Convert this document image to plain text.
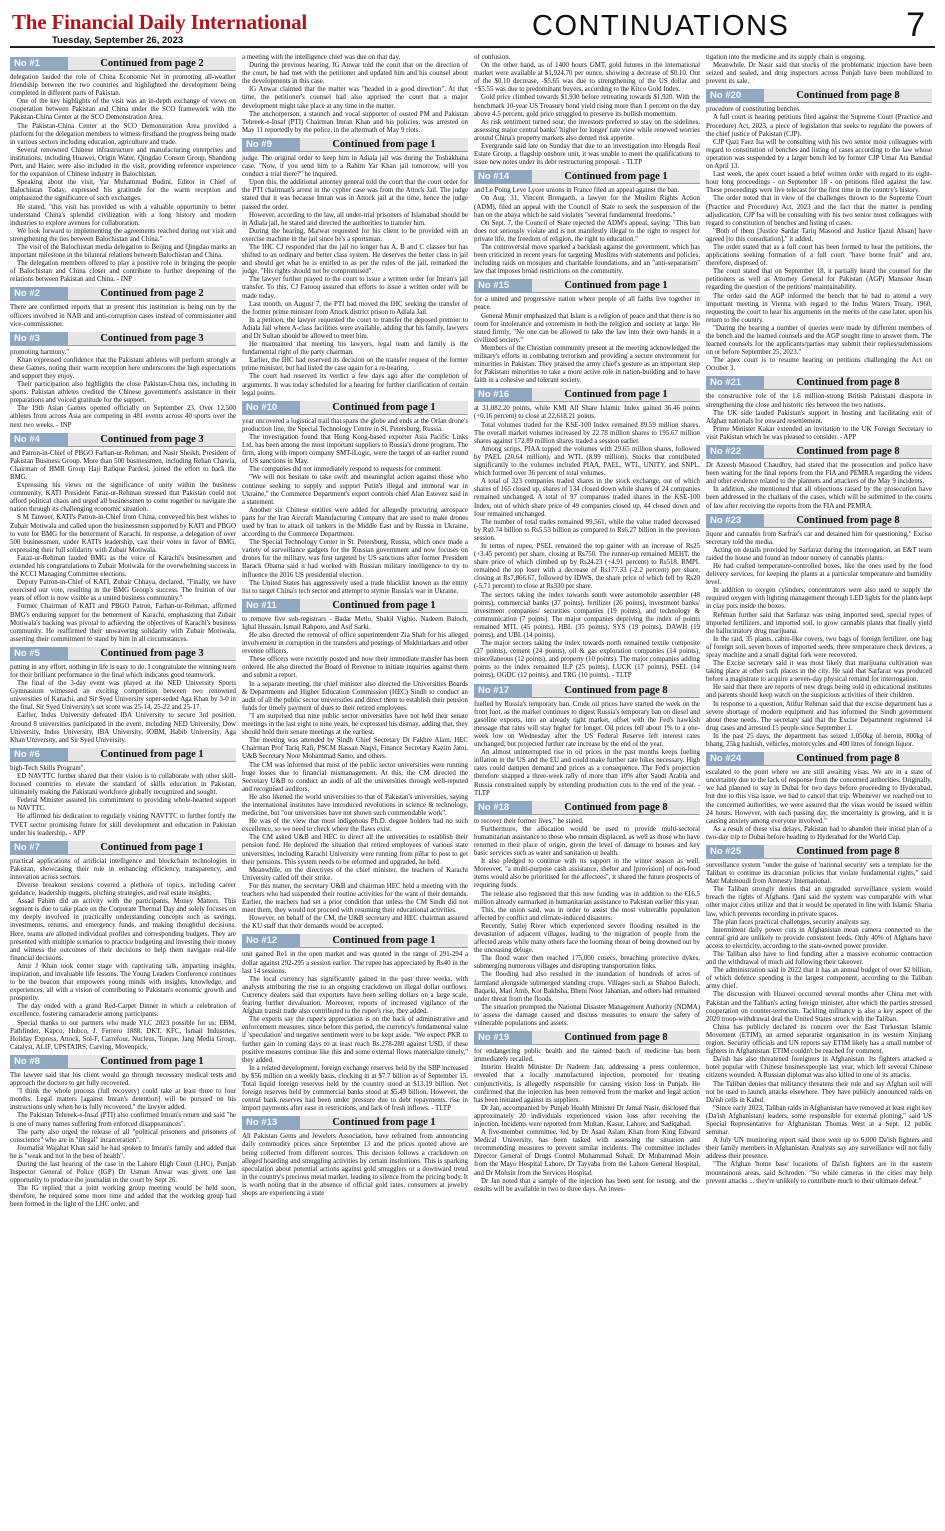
The Financial Daily International
Tuesday, September 26, 2023	CONTINUATIONS	7
No #1	Continued from page 2

delegation lauded the role of China Economic Net in promoting all-weather friendship between the two countries and highlighted the development being completed in different parts of Pakistan.

One of the key highlights of the visit was an in-depth exchange of views on cooperation between Pakistan and China under the SCO framework with the Pakistan-China Center at the SCO Demonstration Area.

The Pakistan-China Center at the SCO Demonstration Area provided a platform for the delegation members to witness firsthand the progress being made in various sectors including education, agriculture and trade.

Several renowned Chinese infrastructure and manufacturing enterprises and institutions, including Huawei, Origin Water, Qingdao Conson Group, Shandong Port, and Haier, were also included in the visit, providing reference experience for the expansion of Chinese industry in Balochistan.

Speaking about the visit, Yar Muhammad Budini, Editor in Chief of Balochistan Today, expressed his gratitude for the warm reception and emphasized the significance of such exchanges.

He stated, "this visit has provided us with a valuable opportunity to better understand China's splendid civilization with a long history and modern industries to explore avenues for collaboration.

We look forward to implementing the agreements reached during our visit and strengthening the ties between Balochistan and China."

The visit of the Balochistan media delegation to Beijing and Qingdao marks an important milestone in the bilateral relations between Balochistan and China.

The delegation members offered to play a positive role in bringing the people of Balochistan and China closer and contribute to further deepening of the relations between Pakistan and China. - INP

No #2	Continued from page 2

There are confirmed reports that at present this institution is being run by the officers involved in NAB and anti-corruption cases instead of commissioner and vice-commissioner.

No #3	Continued from page 3

promoting harmony."

Khan expressed confidence that the Pakistani athletes will perform strongly at these Games, noting their warm reception here underscores the high expectations and support they enjoy.

Their participation also highlights the close Pakistan-China ties, including in sports. Pakistan athletes credited the Chinese government's assistance in their preparations and voiced gratitude for the support.

The 19th Asian Games opened officially on September 23. Over 12,500 athletes from across Asia are competing in 481 events across 40 sports over the next two weeks. - INP

No #4	Continued from page 3

and Patron-in-Chief of PBGO Farhan-ur-Rehman, and Nasir Sheikh, President of Pakistan Business Group. More than 500 businessmen, including Rehan Chawla, Chairman of HMR Group Haji Rafique Pardesi, joined the effort to back the BMG.

Expressing his views on the significance of unity within the business community, KATI President Faraz-ur-Rehman stressed that Pakistan could not afford political chaos and urged all businessmen to come together to navigate the nation through its challenging economic situation.

S M Tanveer, KATI's Patron-in-Chief from China, conveyed his best wishes to Zubair Motiwala and called upon the businessmen supported by KATI and PBGO to vote for BMG for the betterment of Karachi. In response, a delegation of over 500 businessmen, under KATI's leadership, cast their votes in favor of BMG, expressing their full solidarity with Zubair Motiwala.

Faraz-ur-Rehman lauded BMG as the voice of Karachi's businessmen and extended his congratulations to Zubair Motiwala for the overwhelming success in the KCCI Managing Committee elections.

Deputy Patron-in-Chief of KATI, Zubair Chhaya, declared, "Finally, we have exercised our vote, resulting in the BMG Group's success. The fruition of our years of effort is now visible as a united business community."

Former Chairman of KATI and PBGO Patron, Farhan-ur-Rehman, affirmed BMG's enduring support for the betterment of Karachi, emphasizing that Zubair Motiwala's backing was pivotal to achieving the objectives of Karachi's business community. He reaffirmed their unwavering solidarity with Zubair Motiwala, asserting their commitment to stand by him in all circumstances.

No #5	Continued from page 3

putting in any effort, nothing in life is easy to do. I congratulate the winning team for their brilliant performance in the final which indicates good teamwork.

The final of the 3-day event was played at the NED University Sports Gymnasium witnessed an exciting competition between two renowned universities of Karachi, and Sir Syed University super-seded Aga Khan by 3-0 in the final. Sir Syed University's set score was 25-14, 25-22 and 25-17.

Earlier, Indus University defeated IBA University to secure 3rd position. Around 8 universities participated in the event, including NED University, Dow University, Indus University, IBA University, IOBM, Habib University, Aga Khan University, and Sir Syed University.

No #6	Continued from page 1

high-Tech Skills Program".

ED NAVTTC further shared that their vision is to collaborate with other skill-focused countries to elevate the standard of skills education in Pakistan, ultimately making the Pakistani workforce globally recognized and sought.

Federal Minister assured his commitment to providing whole-hearted support to NAVTTC.

He affirmed his dedication to regularly visiting NAVTTC to further fortify the TVET sector promising future for skill development and education in Pakistan under his leadership. - APP

No #7	Continued from page 1

practical applications of artificial intelligence and blockchain technologies in Pakistan, showcasing their role in enhancing efficiency, transparency, and innovation across sectors.

Diverse breakout sessions covered a plethora of topics, including career guidance, leadership nuggets, pitching strategies, and real estate insights.

Assad Fahim did an activity with the participants, Money Matters. This segment is due to take place on the Corporate Thermal Day and solely focuses on my deeply involved in practically understanding concepts such as savings, investments, returns, and emergency funds, and making thoughtful decisions. Here, teams are allotted individual profiles and corresponding budgets. They are presented with multiple scenarios to practice budgeting and investing their money and witness the outcomes of their decisions to help them navigate real-life financial decisions.

Amir J Khan took center stage with captivating talk, imparting insights, inspiration, and invaluable life lessons. The Young Leaders Conference continues to be the beacon that empowers young minds with insights, knowledge, and experiences, all with a vision of contributing to Pakistan's economic growth and prosperity.

The day ended with a grand Red-Carpet Dinner in which a celebration of excellence, fostering camaraderie among participants.

Special thanks to our partners who made YLC 2023 possible for us: EBM, Pathfinder, Kapco, Hubco, J. Ferrero 1888, DKT, KFC, Ismail Industries, Holiday Express, Attock, Sol-F, Carrefour, Nucleus, Torque, Jang Media Group, Catalyst, ALIF, UPSTAIRS, Carving, Movenpick.

No #8	Continued from page 1

The lawyer said that his client would go through necessary medical tests and approach the doctors to get fully recovered.

"I think the whole process (full recovery) could take at least three to four months. Legal matters [against Imran's detention] will be pursued on his instructions only when he is fully recovered," the lawyer added.

The Pakistan Tehreek-e-Insaf (PTI) also confirmed Imran's return and said "he is one of many names suffering from enforced disappearances".

The party also urged the release of all "political prisoners and prisoners of conscience" who are in "illegal" incarceration".

Journalist Wajahat Khan said he had spoken to Imran's family and added that he is "weak and not in the best of health".

During the last hearing of the case in the Lahore High Court (LHC), Punjab Inspector General of Police (IGP) Dr Usman Anwar was given one last opportunity to produce the journalist in the court by Sept 26.

The IG replied that a joint working group meeting would be held soon, therefore, he required some more time and added that the working group had been formed in the light of the LHC order, and

a meeting with the intelligence chief was due on that day.

During the previous hearing, IG Anwar told the court that on the direction of the court, he had met with the petitioner and updated him and his counsel about the developments in this case.

IG Anwar claimed that the matter was "headed in a good direction". At that time, the petitioner's counsel had also apprised the court that a major development might take place at any time in the matter.

The anchorperson, a staunch and vocal supporter of ousted PM and Pakistan Tehreek-e-Insaf (PTI) Chairman Imran Khan and his policies, was arrested on May 11 reportedly by the police, in the aftermath of May 9 riots.

No #9	Continued from page 1

judge. The original order to keep him in Adiala jail was during the Toshakhana case. "Now, if you send him to a Rahim Yar Khan jail tomorrow, will you conduct a trial there?" he inquired.

Upon this, the additional attorney general told the court that the court order for the PTI chairman's arrest in the cypher case was from the Attock Jail. The judge stated that it was because Imran was in Attock jail at the time, hence the judge passed the order.

However, according to the law, all under-trial prisoners of Islamabad should be in Adiala jail, he stated and directed the authorities to transfer him.

During the hearing, Marwat requested for his client to be provided with an exercise machine in the jail since he's a sportsman.

The IHC CJ responded that the jail no longer has A, B and C classes but has shifted to an ordinary and better class system. He deserves the better class in jail and should get what he is entitled to as per the rules of the jail, remarked the judge. "His rights should not be compromised".

The lawyer further prayed to the court to issue a written order for Imran's jail transfer. To this, CJ Farooq assured that efforts to issue a written order will be made today.

Last month, on August 7, the PTI had moved the IHC seeking the transfer of the former prime minister from Attock district prison to Adiala Jail.

In a petition, the lawyer requested the court to transfer the deposed premier to Adiala Jail where A-class facilities were available, adding that his family, lawyers and Dr Sultan should be allowed to meet him.

He maintained that meeting his lawyers, legal team and family is the fundamental right of the party chairman.

Earlier, the IHC had reserved its decision on the transfer request of the former prime minister, but had listed the case again for a re-hearing.

The court had reserved its verdict a few days ago after the completion of arguments. It was today scheduled for a hearing for further clarification of certain legal points.

No #10	Continued from page 1

year uncovered a logistical trail that spans the globe and ends at the Orlan drone's production line, the Special Technology Centre in St. Petersburg, Russia.

The investigation found that Hong Kong-based exporter Asia Pacific Links Ltd. has been among the most important suppliers to Russia's drone program. The firm, along with import company SMT-iLogic, were the target of an earlier round of US sanctions in May.

The companies did not immediately respond to requests for comment.

"We will not hesitate to take swift and meaningful action against those who continue seeking to supply and support Putin's illegal and immoral war in Ukraine," the Commerce Department's export controls chief Alan Estevez said in a statement.

Another six Chinese entities were added for allegedly procuring aerospace parts for the Iran Aircraft Manufacturing Company that are used to make drones used by Iran to attack oil tankers in the Middle East and by Russia in Ukraine, according to the Commerce Department.

The Special Technology Center in St. Petersburg, Russia, which once made a variety of surveillance gadgets for the Russian government and now focuses on drones for the military, was first targeted by US sanctions after former President Barack Obama said it had worked with Russian military intelligence to try to influence the 2016 US presidential election.

The United States has aggressively used a trade blacklist known as the entity list to target China's tech sector and attempt to stymie Russia's war in Ukraine.

No #11	Continued from page 1

to remove five sub-registrars - Badar Metlo, Shakil Vighio, Nadeem Baloch, Iqbal Hussain, Ismail Rahpoto, and Asif Sarki.

He also directed the removal of office superintendent Zia Shah for his alleged involvement in corruption in the transfers and postings of Mukhtiarkars and other revenue officers.

These officers were recently posted and now their immediate transfer has been ordered. He also directed the Board of Revenue to initiate inquiries against them and submit a report.

In a separate meeting, the chief minister also directed the Universities Boards & Departments and Higher Education Commission (HEC) Sindh to conduct an audit of all the public sector universities and direct them to establish their pension funds for timely payment of dues to their retired employees.

"I am surprised that nine public sector universities have not held their senate meetings in the last eight to nine years, he expressed his dismay, adding that, they should hold their senate meetings at the earliest.

The meeting was attended by Sindh Chief Secretary Dr Fakhre Alam, HEC Chairman Prof Tariq Rafi, PSCM Hassan Naqvi, Finance Secretary Kazim Jatoi, U&B Secretary Noor Mohammad Samo, and others.

The CM was informed that most of the public sector universities were running huge losses due to financial mismanagement. At this, the CM directed the Secretary U&B to conduct an audit of all the universities through well-reputed and recognised auditors.

He also likened the world universities to that of Pakistan's universities, saying the international institutes have introduced revolutions in science & technology, medicine, but "our universities have not shown such commendable work".

He was of the view that most indigenous Ph.D. degree holders had no such excellence, so we need to check where the flaws exist.

The CM asked U&B and HEC to direct all the universities to establish their pension fund. He deplored the situation that retired employees of various state universities, including Karachi University were running from pillar to post to get their pensions. This system needs to be reformed and upgraded, he held.

Meanwhile, on the directives of the chief minister, the teachers of Karachi University called off their strike.

For this matter, the secretary U&B and chairman HEC held a meeting with the teachers who had suspended their routine activities for the want of their demands. Earlier, the teachers had set a prior condition that unless the CM Sindh did not meet them, they would not proceed with resuming their educational activities.

However, on behalf of the CM, the U&B secretary and HEC chairman assured the KU staff that their demands would be accepted.

No #12	Continued from page 1

unit gained Re1 in the open market and was quoted in the range of 291-294 a dollar against 292-295 a session earlier. The rupee has appreciated by Rs40 in the last 14 sessions.

The local currency has significantly gained in the past three weeks, with analysts attributing the rise to an ongoing crackdown on illegal dollar outflows. Currency dealers said that exporters have been selling dollars on a large scale, fearing further devaluation. Moreover, reports of increased vigilance of the Afghan transit trade also contributed to the rupee's rise, they added.

The experts say the rupee's appreciation is on the back of administrative and enforcement measures, since before this period, the currency's fundamental value if 'speculation' and negative sentiment were to be kept aside. "We expect PKR to further gain in coming days to at least reach Rs.278-280 against USD, if these positive measures continue like this and some external flows materialize timely," they added.

In a related development, foreign exchange reserves held by the SBP increased by $56 million on a weekly basis, clocking in at $7.7 billion as of September 15. Total liquid foreign reserves held by the country stood at $13.19 billion. Net foreign reserves held by commercial banks stood at $5.49 billion. However, the central bank reserves had been under pressure due to debt repayments, rise in import payments after ease in restrictions, and lack of fresh inflows. - TLTP

No #13	Continued from page 1

All Pakistan Gems and Jewelers Association, have refrained from announcing daily commodity prices since September 13 and the prices quoted above are being collected from different sources. This decision follows a crackdown on alleged hoarding and smuggling activities by certain institutions. This is sparking speculation about potential actions against gold smugglers or a downward trend in the country's precious metal market, leading to silence from the pricing body. It is worth noting that in the absence of official gold rates, consumers at jewelry shops are experiencing a state

of confusion.

On the other hand, as of 1400 hours GMT, gold futures in the international market were available at $1,924.70 per ounce, showing a decrease of $0.10. Out of the $0.10 decrease, -$5.65 was due to strengthening of the US dollar and +$5.55 was due to predominant buyers, according to the Kitco Gold Index.

Gold price climbed towards $1,930 before retreating towards $1,920. With the benchmark 10-year US Treasury bond yield rising more than 1 percent on the day above 4.5 percent, gold price struggled to preserve its bullish momentum.

As risk sentiment turned sour, the investors preferred to stay on the sidelines, assessing major central banks' 'higher for longer' rate view while renewed worries around China's property markets also dented risk appetite.

Evergrande said late on Sunday that due to an investigation into Hengda Real Estate Group, a flagship onshore unit, it was unable to meet the qualifications to issue new notes under its debt restructuring proposal. - TLTP

No #14	Continued from page 1

and Le Poing Leve Lycee unions in France filed an appeal against the ban.

On Aug. 31, Vincent Brengarth, a lawyer for the Muslim Rights Action (ADM), filed an appeal with the Council of State to seek the suspension of the ban on the abaya which he said violates "several fundamental freedoms."

On Sept. 7, the Council of State rejected the ADM's appeal, saying: "This ban does not seriously violate and is not manifestly illegal to the right to respect for private life, the freedom of religion, the right to education."

The controversial move sparked a backlash against the government, which has been criticized in recent years for targeting Muslims with statements and policies, including raids on mosques and charitable foundations, and an "anti-separatism" law that imposes broad restrictions on the community.

No #15	Continued from page 1

for a united and progressive nation where people of all faiths live together in peace.

General Munir emphasized that Islam is a religion of peace and that there is no room for intolerance and extremism in both the religion and society at large. He stated firmly, "No one can be allowed to take the law into their own hands in a civilized society."

Members of the Christian community present at the meeting acknowledged the military's efforts in combating terrorism and providing a secure environment for minorities in Pakistan. They praised the army chief's gesture as an important step for Pakistani minorities to take a more active role in nation-building and to have faith in a cohesive and tolerant society.

No #16	Continued from page 1

at 31,082.20 points, while KMI All Share Islamic Index gained 36.46 points (+0.16 percent) to close at 22,618.21 points.

Total volumes traded for the KSE-100 Index remained 89.59 million shares. The overall market volumes increased by 22.78 million shares to 195.67 million shares against 172.89 million shares traded a session earlier.

Among scrips, PIAA topped the volumes with 29.65 million shares, followed by PAEL (20.64 million), and WTL (8.99 million). Stocks that contributed significantly to the volumes included PIAA, PAEL, WTL, UNITY, and SNPL, which formed over 36 percent of total volumes.

A total of 323 companies traded shares in the stock exchange, out of which shares of 165 closed up, shares of 134 closed down while shares of 24 companies remained unchanged. A total of 97 companies traded shares in the KSE-100 Index, out of which share price of 49 companies closed up, 44 closed down and four remained unchanged.

The number of total trades remained 99,561, while the value traded decreased by Rs0.74 billion to Rs5.53 billion as compared to Rs6.27 billion in the previous session.

In terms of rupee, PSEL remained the top gainer with an increase of Rs25 (+3.45 percent) per share, closing at Rs750. The runner-up remained MEHT, the share price of which climbed up by Rs24.23 (+4.91 percent) to Rs518. RMPL remained the top loser with a decrease of Rs177.33 (-2.2 percent) per share, closing at Rs7,866.67, followed by IDWS, the share price of which fell by Rs20 (-5.71 percent) to close at Rs330 per share.

The sectors taking the index towards south were automobile assembler (48 points), commercial banks (37 points), fertilizer (26 points), investment banks/ investment companies/ securities companies (19 points), and technology & communication (7 points). The major companies depriving the index of points remained MTL (45 points), HBL (35 points), SYS (19 points), DAWH (19 points), and UBL (14 points).

The major sectors taking the index towards north remained textile composite (27 points), cement (24 points), oil & gas exploration companies (14 points), miscellaneous (12 points), and property (10 points). The major companies adding points to the index remained ILP (25 points), LUCK (17 points), PSEL (14 points), OGDC (12 points), and TRG (10 points). - TLTP

No #17	Continued from page 8

fuelled by Russia's temporary ban. Crude oil prices have started the week on the front foot, as the market continues to digest Russia's temporary ban on diesel and gasoline exports, into an already tight market, offset with the Fed's hawkish message that rates will stay higher for longer. Oil prices fell about 1% to a one-week low on Wednesday after the US Federal Reserve left interest rates unchanged, but projected further rate increase by the end of the year.

An almost uninterrupted rise in oil prices in the past months keeps fueling inflation in the US and the EU and could make further rate hikes necessary. High rates could dampen demand and prices as a consequence. The Fed's projection therefore snapped a three-week rally of more than 10% after Saudi Arabia and Russia constrained supply by extending production cuts to the end of the year. - TLTP

No #18	Continued from page 8

to recover their former lives," he stated.

Furthermore, the allocation would be used to provide multi-sectoral humanitarian assistance to those who remain displaced, as well as those who have returned to their place of origin, given the level of damage to houses and key basic services such as water and sanitation or health.

It also pledged to continue with its support in the winter season as well. Moreover, "a multi-purpose cash assistance, shelter and [provision] of non-food items would also be prioritised for the affectees", it shared the future prospects of requiring funds.

The release also registered that this new funding was in addition to the €16.5 million already earmarked in humanitarian assistance to Pakistan earlier this year.

This, the union said, was in order to assist the most vulnerable population affected by conflict and climate-induced disasters.

Recently, Sutlej River which experienced severe flooding resulted in the devastation of adjacent villages, leading to the migration of people from the affected areas while many others face the looming threat of being drowned out by the unceasing deluge.

The flood water then reached 175,000 cusecs, breaching protective dykes, submerging numerous villages and disrupting transportation links.

The flooding had also resulted in the inundation of hundreds of acres of farmland alongside submerged standing crops. Villages such as Shahoo Baloch, Baqarki, Mari Amb, Kot Bakhsha, Bheni Noor Jahanian, and others had remained under threat from the floods.

The situation prompted the National Disaster Management Authority (NDMA) to assess the damage caused and discuss measures to ensure the safety of vulnerable populations and assets.

No #19	Continued from page 8

for endangering public health and the tainted batch of medicine has been immediately recalled.

Interim Health Minister Dr Nadeem Jan, addressing a press conference, revealed that a locally manufactured injection, promoted for treating conjunctivitis, is allegedly responsible for causing vision loss in Punjab. He confirmed that the injection has been removed from the market and legal action has been initiated against its suppliers.

Dr Jan, accompanied by Punjab Health Minister Dr Jamal Nasir, disclosed that approximately 20 individuals experienced vision loss after receiving the injection. Incidents were reported from Multan, Kasur, Lahore, and Sadiqabad.

A five-member committee, led by Dr Asad Aslam Khan from King Edward Medical University, has been tasked with assessing the situation and recommending measures to prevent similar incidents. The committee includes Director General of Drugs Control Muhammad Sohail, Dr Muhammad Moin from the Mayo Hospital Lahore, Dr Tayyaba from the Lahore General Hospital, and Dr Mohsin from the Services Hospital.

Dr Jan noted that a sample of the injection has been sent for testing, and the results will be available in two to three days. An inves-

tigation into the medicine and its supply chain is ongoing.

Meanwhile, Dr Nasir said that stocks of the problematic injection have been seized and sealed, and drug inspectors across Punjab have been mobilized to prevent its sale.

No #20	Continued from page 8

procedure of constituting benches.

A full court is hearing petitions filed against the Supreme Court (Practice and Procedure) Act, 2023, a piece of legislation that seeks to regulate the powers of the chief justice of Pakistan (CJP).

CJP Qazi Faez Isa will be consulting with his two senior most colleagues with regard to constitution of benches and listing of cases according to the law whose operation was suspended by a larger bench led by former CJP Umar Ata Bandial on April 13.

Last week, the apex court issued a brief written order with regard to its eight-hour long proceedings - on September 18 - on petitions filed against the law. These proceedings were live telecast for the first time in the country's history.

The order noted that in view of the challenges thrown to the Supreme Court (Practice and Procedure) Act, 2023 and the fact that the matter is pending adjudication, CJP Isa will be consulting with his two senior most colleagues with regard to constitution of benches and listing of cases.

"Both of them [Justice Sardar Tariq Masood and Justice Ijazul Ahsan] have agreed [to this consultation]," it added.

The order stated that as a full court has been formed to hear the petitions, the applications seeking formation of a full court "have borne fruit" and are, therefore, disposed of.

The court stated that on September 18, it partially heard the counsel for the petitioners as well as Attorney General for Pakistan (AGP) Mansoor Awan regarding the question of the petitions' maintainability.

The order said the AGP informed the bench that he had to attend a very important meeting in Vienna with regard to the Indus Waters Treaty, 1960, requesting the court to hear his arguments on the merits of the case later, upon his return to the country.

"During the hearing a number of queries were made by different members of the bench and the learned counsels and the AGP sought time to answer them. The learned counsels for the applicants/parties may submit their replies/submissions on or before September 25, 2023."

The apex court is to resume hearing on petitions challenging the Act on October 3.

No #21	Continued from page 8

the constructive role of the 1.6 million-strong British Pakistani diaspora in strengthening the close and historic ties between the two nations.

The UK side lauded Pakistan's support in hosting and facilitating exit of Afghan nationals for onward resettlement.

Prime Minister Kakar extended an invitation to the UK Foreign Secretary to visit Pakistan which he was pleased to consider. - APP

No #22	Continued from page 8

Dr Azeesh Masood Chaudhry, had stated that the prosecution and police have been waiting for the final reports from the FIA and PEMRA regarding the videos and other evidence related to the planners and attackers of the May 9 incidents.

In addition, she mentioned that all objections raised by the prosecution have been addressed in the challans of the cases, which will be submitted to the courts of law after receiving the reports from the FIA and PEMRA.

No #23	Continued from page 8

liquor and cannabis from Sarfraz's car and detained him for questioning," Excise secretary told the media.

Acting on details provided by Sarfaraz during the interrogation, an E&T team raided the house and found an indoor nursery of cannabis plants.

He had crafted temperature-controlled boxes, like the ones used by the food delivery services, for keeping the plants at a particular temperature and humidity level.

In addition to oxygen cylinders, concentrators were also used to supply the required oxygen with lighting management through LED lights for the plants kept in clay pots inside the boxes.

Rehman further said that Sarfaraz was using imported seed, special types of imported fertilizers, and imported soil, to grow cannabis plants that finally yield the hallucinatory drug marijuana.

In the raid, 35 plants, cabin-like covers, two bags of foreign fertilizer, one bag of foreign soil, seven boxes of imported seeds, three temperature check devices, a spray machine and a small digital fork were recovered.

The Excise secretary said it was most likely that marijuana cultivation was taking place at other such places in the city. He said that Sarfaraz was produced before a magistrate to acquire a seven-day physical remand for interrogation.

He said that there are reports of new drugs being sold in educational institutes and parents should keep watch on the suspicious activities of their children.

In response to a question, Atifur Rehman said that the excise department has a severe shortage of modern equipment and has informed the Sindh government about these needs. The secretary said that the Excise Department registered 14 drug cases and arrested 15 people since September 1.

In the past 25 days, the department has seized 1,050kg of heroin, 800kg of bhang, 25kg hashish, vehicles, motorcycles and 400 litres of foreign liquor.

No #24	Continued from page 8

escalated to the point where we are still awaiting visas. We are in a state of uncertainty due to the lack of response from the concerned authorities. Originally, we had planned to stay in Dubai for two days before proceeding to Hyderabad, but due to this visa issue, we had to cancel that trip. Whenever we reached out to the concerned authorities, we were assured that the visas would be issued within 24 hours. However, with each passing day, the uncertainty is growing, and it is causing anxiety among everyone involved."

As a result of these visa delays, Pakistan had to abandon their initial plan of a two-day trip to Dubai before heading to Hyderabad for the World Cup.

No #25	Continued from page 8

surveillance system "under the guise of 'national security' sets a template for the Taliban to continue its draconian policies that violate fundamental rights," said Matt Mahmoudi from Amnesty International.

The Taliban strongly denies that an upgraded surveillance system would breach the rights of Afghans. Qani said the system was comparable with what other major cities utilize and that it would be operated in line with Islamic Sharia law, which prevents recording in private spaces.

The plan faces practical challenges, security analysts say.

Intermittent daily power cuts in Afghanistan mean camera connected to the central grid are unlikely to provide consistent feeds. Only 40% of Afghans have access to electricity, according to the state-owned power provider.

The Taliban also have to find funding after a massive economic contraction and the withdrawal of much aid following their takeover.

The administration said in 2022 that it has an annual budget of over $2 billion, of which defence spending is the largest component, according to the Taliban army chief.

The discussion with Huawei occurred several months after China met with Pakistan and the Taliban's acting foreign minister, after which the parties stressed cooperation on counter-terrorism. Tackling militancy is also a key aspect of the 2020 troop-withdrawal deal the United States struck with the Taliban.

China has publicly declared its concern over the East Turkestan Islamic Movement (ETIM), an armed separatist organisation in its western Xinjiang region. Security officials and UN reports say ETIM likely has a small number of fighters in Afghanistan. ETIM couldn't be reached for comment.

Da'ish has also threatened foreigners in Afghanistan. Its fighters attacked a hotel popular with Chinese businesspeople last year, which left several Chinese citizens wounded. A Russian diplomat was also killed in one of its attacks.

The Taliban denies that militancy threatens their rule and say Afghan soil will not be used to launch attacks elsewhere. They have publicly announced raids on Da'ish cells in Kabul.

"Since early 2023, Taliban raids in Afghanistan have removed at least eight key (Da'ish Afghanistan) leaders, some responsible for external plotting," said US Special Representative for Afghanistan Thomas West at a Sept. 12 public seminar.

A July UN monitoring report said there were up to 6,000 Da'ish fighters and their family members in Afghanistan. Analysts say any surveillance will not fully address their presence.

"The Afghan 'home base' locations of Da'ish fighters are in the eastern mountainous areas, said Schroden. "So while cameras in the cities may help prevent attacks ... they're unlikely to contribute much to their ultimate defeat."
